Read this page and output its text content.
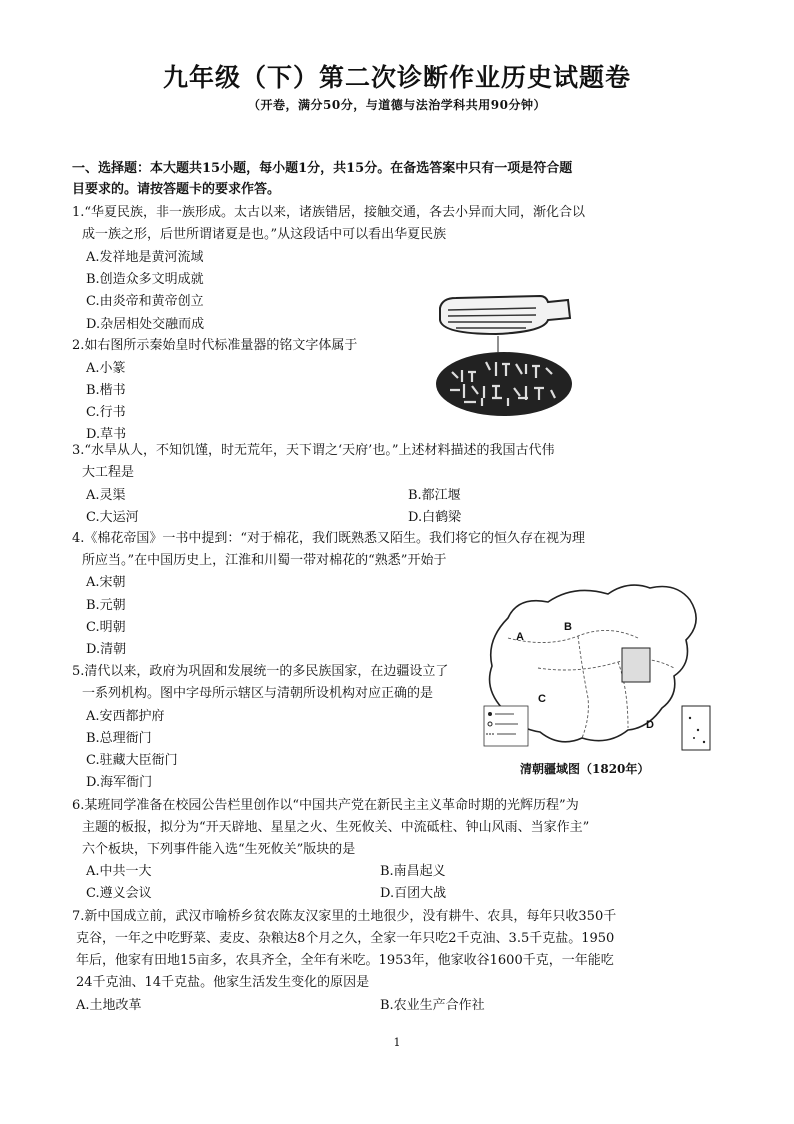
九年级（下）第二次诊断作业历史试题卷
（开卷，满分50分，与道德与法治学科共用90分钟）
一、选择题：本大题共15小题，每小题1分，共15分。在备选答案中只有一项是符合题
目要求的。请按答题卡的要求作答。
1.“华夏民族，非一族形成。太古以来，诸族错居，接触交通，各去小异而大同，渐化合以
成一族之形，后世所谓诸夏是也。”从这段话中可以看出华夏民族
A.发祥地是黄河流域
B.创造众多文明成就
C.由炎帝和黄帝创立
D.杂居相处交融而成
2.如右图所示秦始皇时代标准量器的铭文字体属于
A.小篆
B.楷书
C.行书
D.草书
3.“水旱从人，不知饥馑，时无荒年，天下谓之‘天府’也。”上述材料描述的我国古代伟
大工程是
A.灵渠	B.都江堰
C.大运河	D.白鹤梁
4.《棉花帝国》一书中提到：“对于棉花，我们既熟悉又陌生。我们将它的恒久存在视为理
所应当。”在中国历史上，江淮和川蜀一带对棉花的“熟悉”开始于
A.宋朝
B.元朝
C.明朝
D.清朝
5.清代以来，政府为巩固和发展统一的多民族国家，在边疆设立了
一系列机构。图中字母所示辖区与清朝所设机构对应正确的是
A.安西都护府
B.总理衙门
C.驻藏大臣衙门
D.海军衙门
A
B
C
D
清朝疆域图（1820年）
6.某班同学准备在校园公告栏里创作以“中国共产党在新民主主义革命时期的光辉历程”为
主题的板报，拟分为“开天辟地、星星之火、生死攸关、中流砥柱、钟山风雨、当家作主”
六个板块，下列事件能入选“生死攸关”版块的是
A.中共一大	B.南昌起义
C.遵义会议	D.百团大战
7.新中国成立前，武汉市喻桥乡贫农陈友汉家里的土地很少，没有耕牛、农具，每年只收350千
克谷，一年之中吃野菜、麦皮、杂粮达8个月之久，全家一年只吃2千克油、3.5千克盐。1950
年后，他家有田地15亩多，农具齐全，全年有米吃。1953年，他家收谷1600千克，一年能吃
24千克油、14千克盐。他家生活发生变化的原因是
A.土地改革	B.农业生产合作社
1
